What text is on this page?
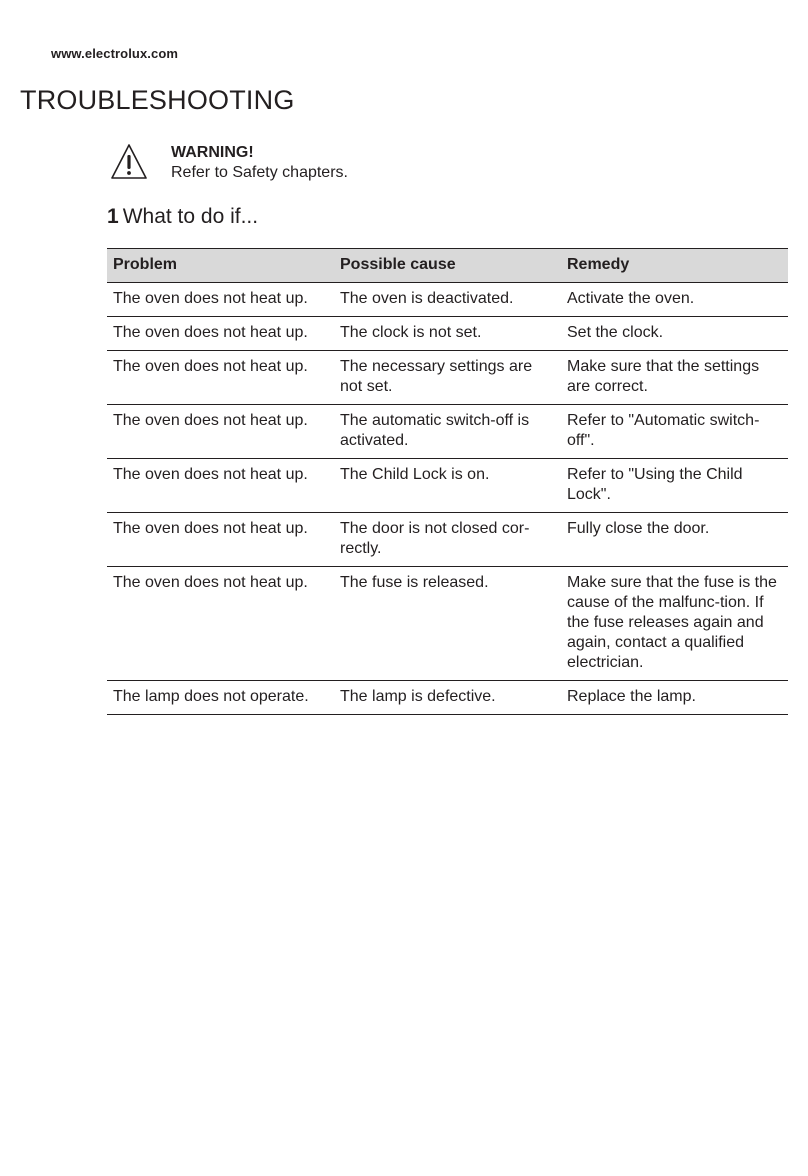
www.electrolux.com
TROUBLESHOOTING
WARNING!
Refer to Safety chapters.
1 What to do if...
Problem	Possible cause	Remedy
The oven does not heat up.	The oven is deactivated.	Activate the oven.
The oven does not heat up.	The clock is not set.	Set the clock.
The oven does not heat up.	The necessary settings are not set.	Make sure that the settings are correct.
The oven does not heat up.	The automatic switch-off is activated.	Refer to "Automatic switch-off".
The oven does not heat up.	The Child Lock is on.	Refer to "Using the Child Lock".
The oven does not heat up.	The door is not closed cor-rectly.	Fully close the door.
The oven does not heat up.	The fuse is released.	Make sure that the fuse is the cause of the malfunc-tion. If the fuse releases again and again, contact a qualified electrician.
The lamp does not operate.	The lamp is defective.	Replace the lamp.
